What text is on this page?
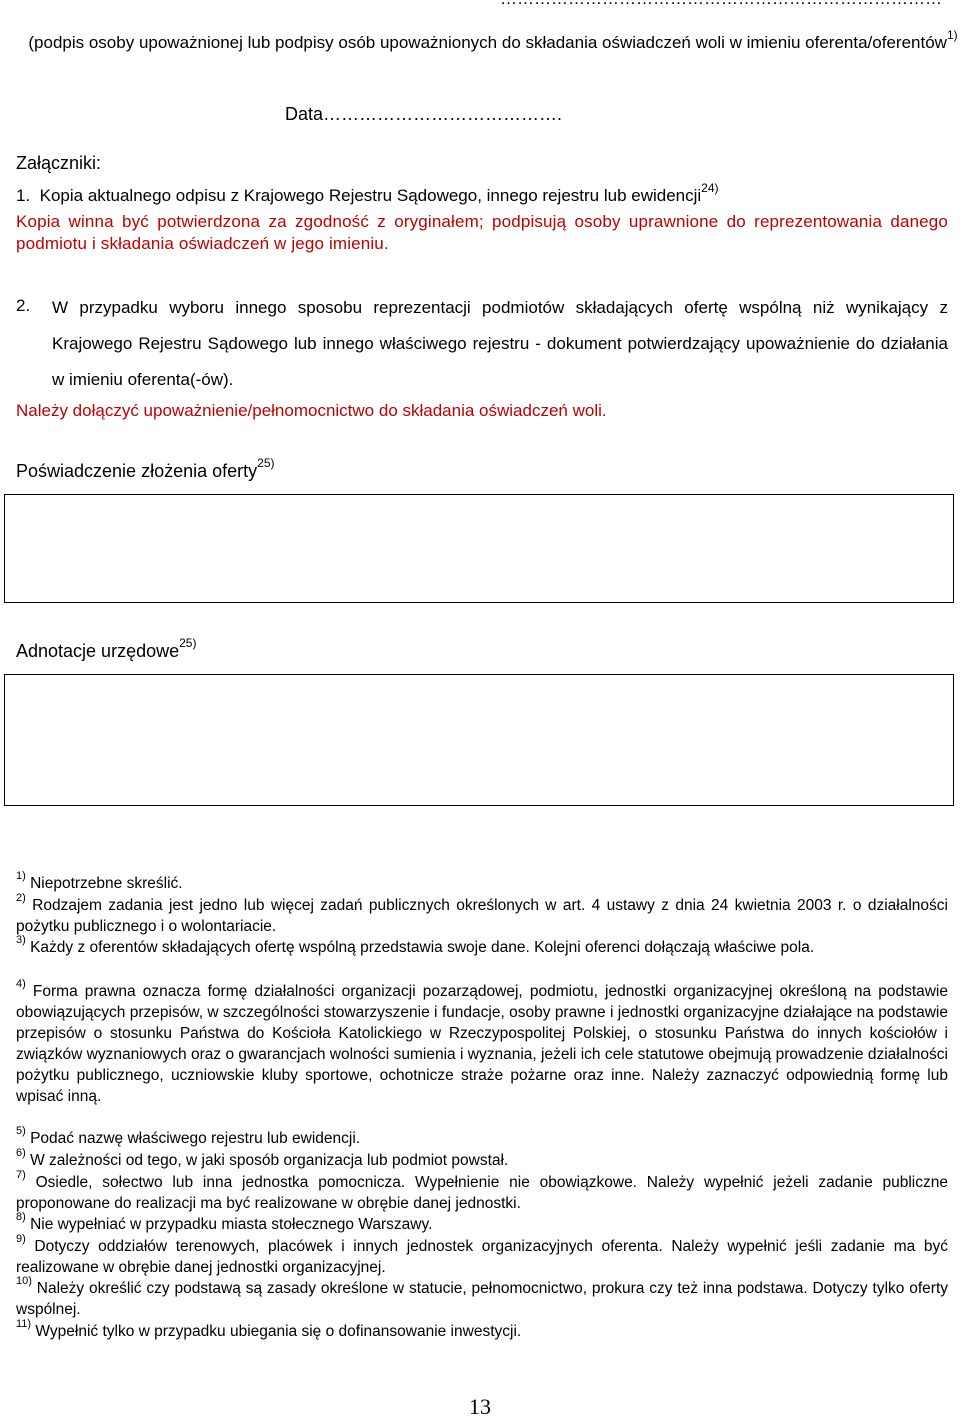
(podpis osoby upoważnionej lub podpisy osób upoważnionych do składania oświadczeń woli w imieniu oferenta/oferentów$^{1)}$
Data………………………………….
Załączniki:
1. Kopia aktualnego odpisu z Krajowego Rejestru Sądowego, innego rejestru lub ewidencji$^{24)}$
Kopia winna być potwierdzona za zgodność z oryginałem; podpisują osoby uprawnione do reprezentowania danego podmiotu i składania oświadczeń w jego imieniu.
2. W przypadku wyboru innego sposobu reprezentacji podmiotów składających ofertę wspólną niż wynikający z Krajowego Rejestru Sądowego lub innego właściwego rejestru - dokument potwierdzający upoważnienie do działania w imieniu oferenta(-ów).
Należy dołączyć upoważnienie/pełnomocnictwo do składania oświadczeń woli.
Poświadczenie złożenia oferty$^{25)}$
Adnotacje urzędowe$^{25)}$
$^{1)}$ Niepotrzebne skreślić.
$^{2)}$ Rodzajem zadania jest jedno lub więcej zadań publicznych określonych w art. 4 ustawy z dnia 24 kwietnia 2003 r. o działalności pożytku publicznego i o wolontariacie.
$^{3)}$ Każdy z oferentów składających ofertę wspólną przedstawia swoje dane. Kolejni oferenci dołączają właściwe pola.
$^{4)}$ Forma prawna oznacza formę działalności organizacji pozarządowej, podmiotu, jednostki organizacyjnej określoną na podstawie obowiązujących przepisów, w szczególności stowarzyszenie i fundacje, osoby prawne i jednostki organizacyjne działające na podstawie przepisów o stosunku Państwa do Kościoła Katolickiego w Rzeczypospolitej Polskiej, o stosunku Państwa do innych kościołów i związków wyznaniowych oraz o gwarancjach wolności sumienia i wyznania, jeżeli ich cele statutowe obejmują prowadzenie działalności pożytku publicznego, uczniowskie kluby sportowe, ochotnicze straże pożarne oraz inne. Należy zaznaczyć odpowiednią formę lub wpisać inną.
$^{5)}$ Podać nazwę właściwego rejestru lub ewidencji.
$^{6)}$ W zależności od tego, w jaki sposób organizacja lub podmiot powstał.
$^{7)}$ Osiedle, sołectwo lub inna jednostka pomocnicza. Wypełnienie nie obowiązkowe. Należy wypełnić jeżeli zadanie publiczne proponowane do realizacji ma być realizowane w obrębie danej jednostki.
$^{8)}$ Nie wypełniać w przypadku miasta stołecznego Warszawy.
$^{9)}$ Dotyczy oddziałów terenowych, placówek i innych jednostek organizacyjnych oferenta. Należy wypełnić jeśli zadanie ma być realizowane w obrębie danej jednostki organizacyjnej.
$^{10)}$ Należy określić czy podstawą są zasady określone w statucie, pełnomocnictwo, prokura czy też inna podstawa. Dotyczy tylko oferty wspólnej.
$^{11)}$ Wypełnić tylko w przypadku ubiegania się o dofinansowanie inwestycji.
13
